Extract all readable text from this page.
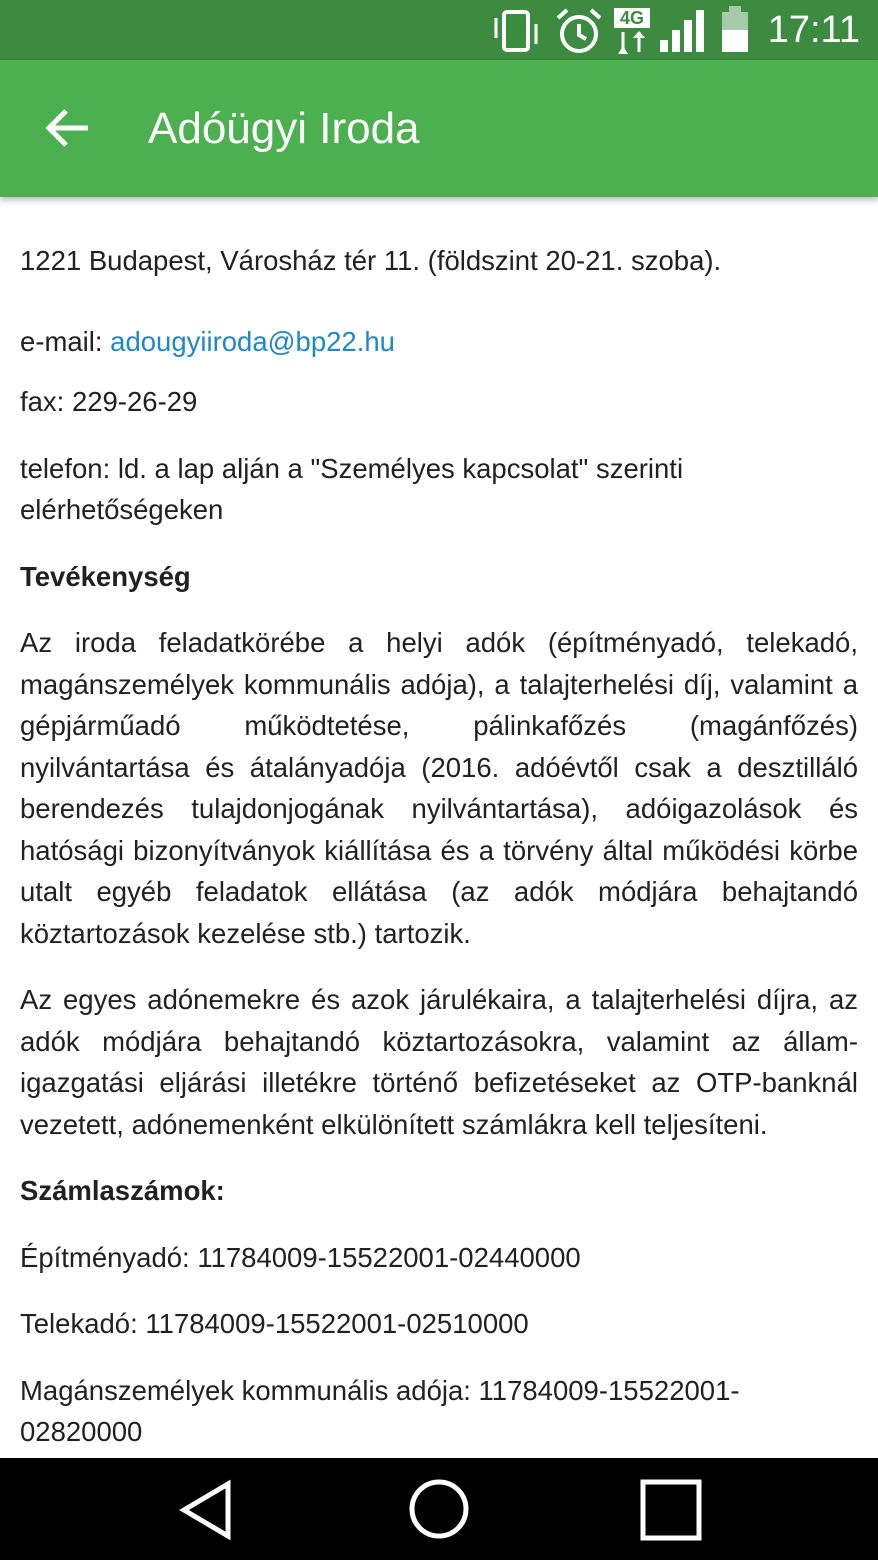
4G	17:11
Adóügyi Iroda

1221 Budapest, Városház tér 11. (földszint 20-21. szoba).

e-mail: adougyiiroda@bp22.hu

fax: 229-26-29

telefon: ld. a lap alján a "Személyes kapcsolat" szerinti elérhetőségeken

Tevékenység

Az iroda feladatkörébe a helyi adók (építményadó, telekadó, magánszemélyek kommunális adója), a talajterhelési díj, valamint a gépjárműadó működtetése, pálinkafőzés (magánfőzés) nyilvántartása és átalányadója (2016. adóévtől csak a desztilláló berendezés tulajdonjogának nyilvántartása), adóigazolások és hatósági bizonyítványok kiállítása és a törvény által működési körbe utalt egyéb feladatok ellátása (az adók módjára behajtandó köztartozások kezelése stb.) tartozik.

Az egyes adónemekre és azok járulékaira, a talajterhelési díjra, az adók módjára behajtandó köztartozásokra, valamint az államigazgatási eljárási illetékre történő befizetéseket az OTP-banknál vezetett, adónemenként elkülönített számlákra kell teljesíteni.

Számlaszámok:

Építményadó: 11784009-15522001-02440000

Telekadó: 11784009-15522001-02510000

Magánszemélyek kommunális adója: 11784009-15522001-02820000
